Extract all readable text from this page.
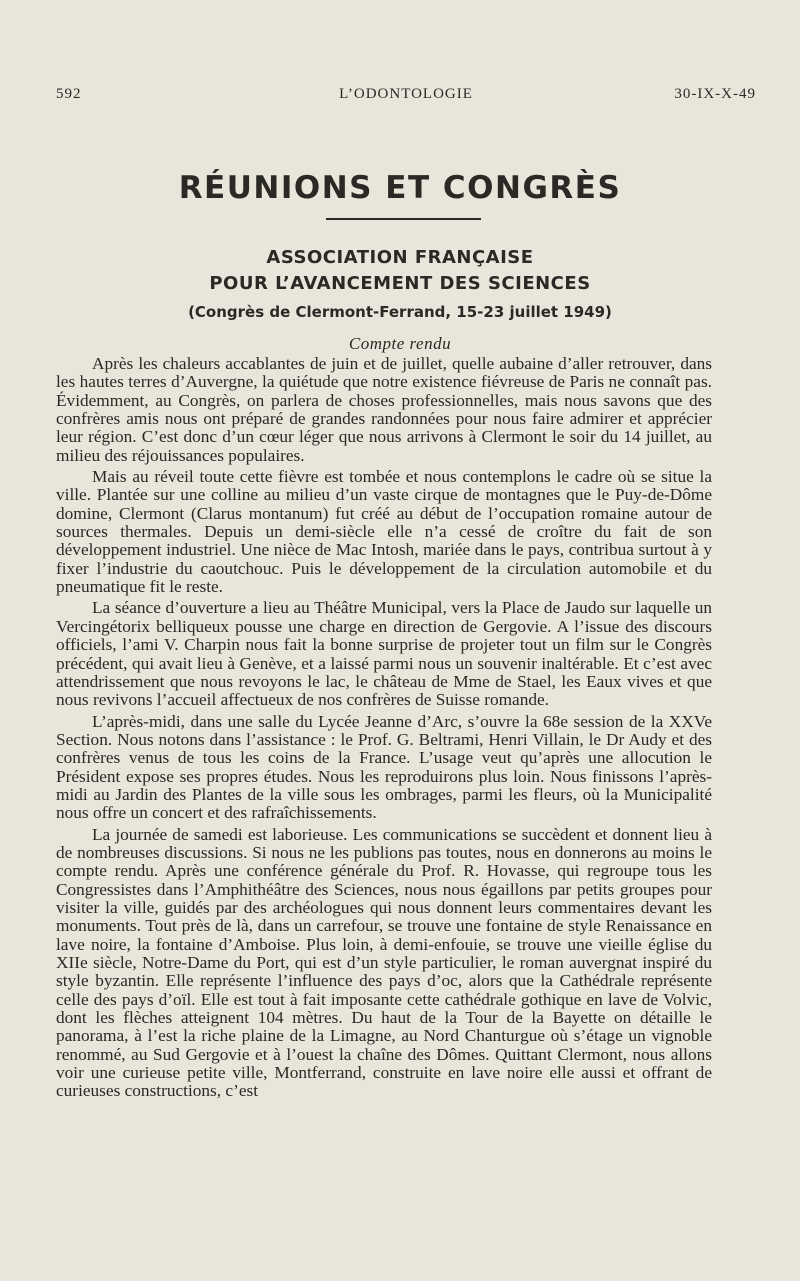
592	L’ODONTOLOGIE	30-IX-X-49
RÉUNIONS ET CONGRÈS
ASSOCIATION FRANÇAISE
POUR L’AVANCEMENT DES SCIENCES
(Congrès de Clermont-Ferrand, 15-23 juillet 1949)
Compte rendu

Après les chaleurs accablantes de juin et de juillet, quelle aubaine d’aller retrouver, dans les hautes terres d’Auvergne, la quiétude que notre existence fiévreuse de Paris ne connaît pas. Évidemment, au Congrès, on parlera de choses professionnelles, mais nous savons que des confrères amis nous ont préparé de grandes randonnées pour nous faire admirer et apprécier leur région. C’est donc d’un cœur léger que nous arrivons à Clermont le soir du 14 juillet, au milieu des réjouissances populaires.

Mais au réveil toute cette fièvre est tombée et nous contemplons le cadre où se situe la ville. Plantée sur une colline au milieu d’un vaste cirque de montagnes que le Puy-de-Dôme domine, Clermont (Clarus montanum) fut créé au début de l’occupation romaine autour de sources thermales. Depuis un demi-siècle elle n’a cessé de croître du fait de son développement industriel. Une nièce de Mac Intosh, mariée dans le pays, contribua surtout à y fixer l’industrie du caoutchouc. Puis le développement de la circulation automobile et du pneumatique fit le reste.

La séance d’ouverture a lieu au Théâtre Municipal, vers la Place de Jaudo sur laquelle un Vercingétorix belliqueux pousse une charge en direction de Gergovie. A l’issue des discours officiels, l’ami V. Charpin nous fait la bonne surprise de projeter tout un film sur le Congrès précédent, qui avait lieu à Genève, et a laissé parmi nous un souvenir inaltérable. Et c’est avec attendrissement que nous revoyons le lac, le château de Mme de Stael, les Eaux vives et que nous revivons l’accueil affectueux de nos confrères de Suisse romande.

L’après-midi, dans une salle du Lycée Jeanne d’Arc, s’ouvre la 68e session de la XXVe Section. Nous notons dans l’assistance : le Prof. G. Beltrami, Henri Villain, le Dr Audy et des confrères venus de tous les coins de la France. L’usage veut qu’après une allocution le Président expose ses propres études. Nous les reproduirons plus loin. Nous finissons l’après-midi au Jardin des Plantes de la ville sous les ombrages, parmi les fleurs, où la Municipalité nous offre un concert et des rafraîchissements.

La journée de samedi est laborieuse. Les communications se succèdent et donnent lieu à de nombreuses discussions. Si nous ne les publions pas toutes, nous en donnerons au moins le compte rendu. Après une conférence générale du Prof. R. Hovasse, qui regroupe tous les Congressistes dans l’Amphithéâtre des Sciences, nous nous égaillons par petits groupes pour visiter la ville, guidés par des archéologues qui nous donnent leurs commentaires devant les monuments. Tout près de là, dans un carrefour, se trouve une fontaine de style Renaissance en lave noire, la fontaine d’Amboise. Plus loin, à demi-enfouie, se trouve une vieille église du XIIe siècle, Notre-Dame du Port, qui est d’un style particulier, le roman auvergnat inspiré du style byzantin. Elle représente l’influence des pays d’oc, alors que la Cathédrale représente celle des pays d’oïl. Elle est tout à fait imposante cette cathédrale gothique en lave de Volvic, dont les flèches atteignent 104 mètres. Du haut de la Tour de la Bayette on détaille le panorama, à l’est la riche plaine de la Limagne, au Nord Chanturgue où s’étage un vignoble renommé, au Sud Gergovie et à l’ouest la chaîne des Dômes. Quittant Clermont, nous allons voir une curieuse petite ville, Montferrand, construite en lave noire elle aussi et offrant de curieuses constructions, c’est
